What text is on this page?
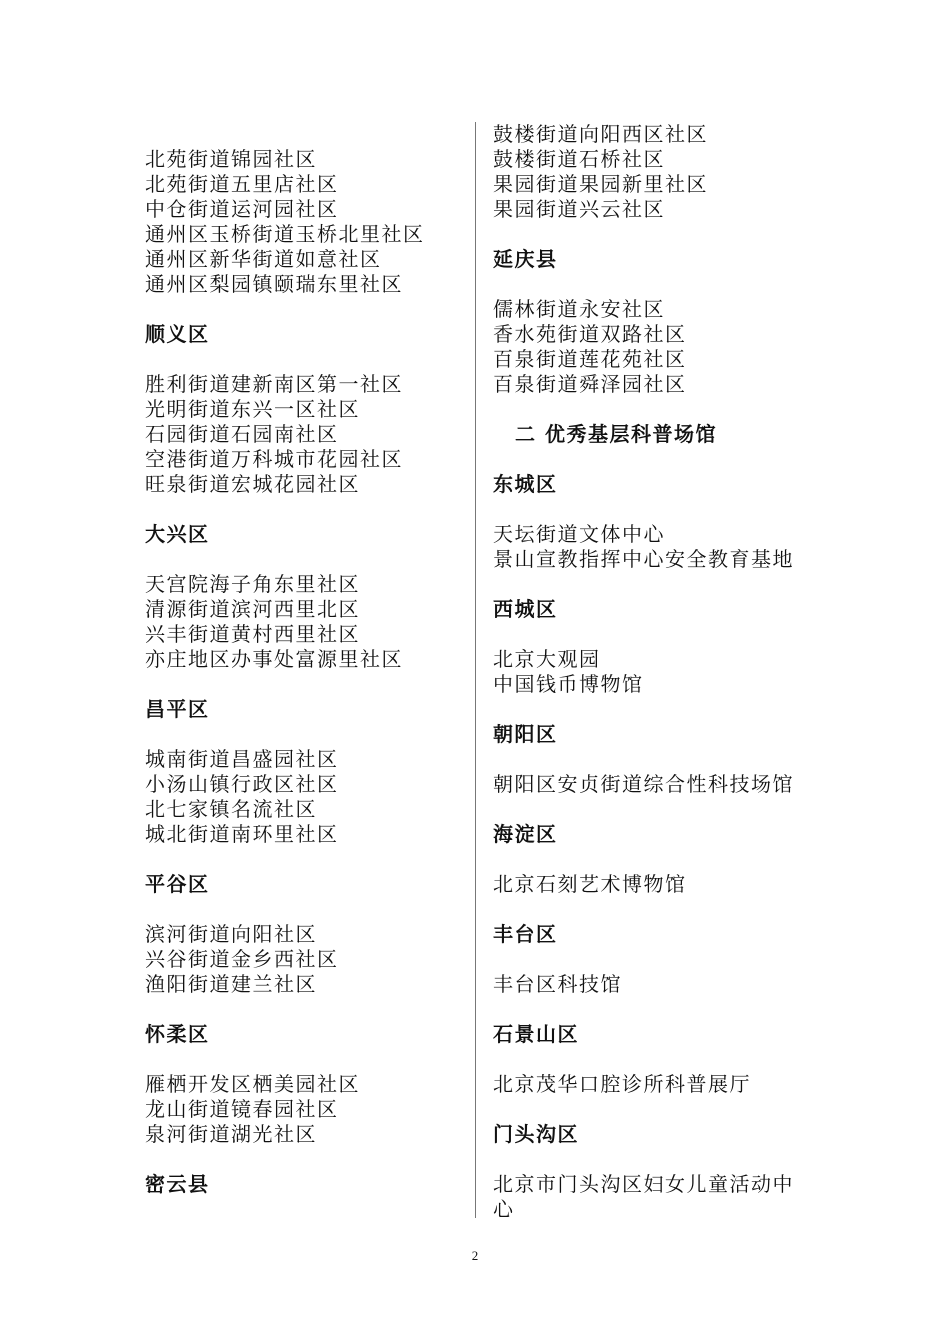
北苑街道锦园社区
北苑街道五里店社区
中仓街道运河园社区
通州区玉桥街道玉桥北里社区
通州区新华街道如意社区
通州区梨园镇颐瑞东里社区
顺义区
胜利街道建新南区第一社区
光明街道东兴一区社区
石园街道石园南社区
空港街道万科城市花园社区
旺泉街道宏城花园社区
大兴区
天宫院海子角东里社区
清源街道滨河西里北区
兴丰街道黄村西里社区
亦庄地区办事处富源里社区
昌平区
城南街道昌盛园社区
小汤山镇行政区社区
北七家镇名流社区
城北街道南环里社区
平谷区
滨河街道向阳社区
兴谷街道金乡西社区
渔阳街道建兰社区
怀柔区
雁栖开发区栖美园社区
龙山街道镜春园社区
泉河街道湖光社区
密云县
鼓楼街道向阳西区社区
鼓楼街道石桥社区
果园街道果园新里社区
果园街道兴云社区
延庆县
儒林街道永安社区
香水苑街道双路社区
百泉街道莲花苑社区
百泉街道舜泽园社区
二 优秀基层科普场馆
东城区
天坛街道文体中心
景山宣教指挥中心安全教育基地
西城区
北京大观园
中国钱币博物馆
朝阳区
朝阳区安贞街道综合性科技场馆
海淀区
北京石刻艺术博物馆
丰台区
丰台区科技馆
石景山区
北京茂华口腔诊所科普展厅
门头沟区
北京市门头沟区妇女儿童活动中
心
2
